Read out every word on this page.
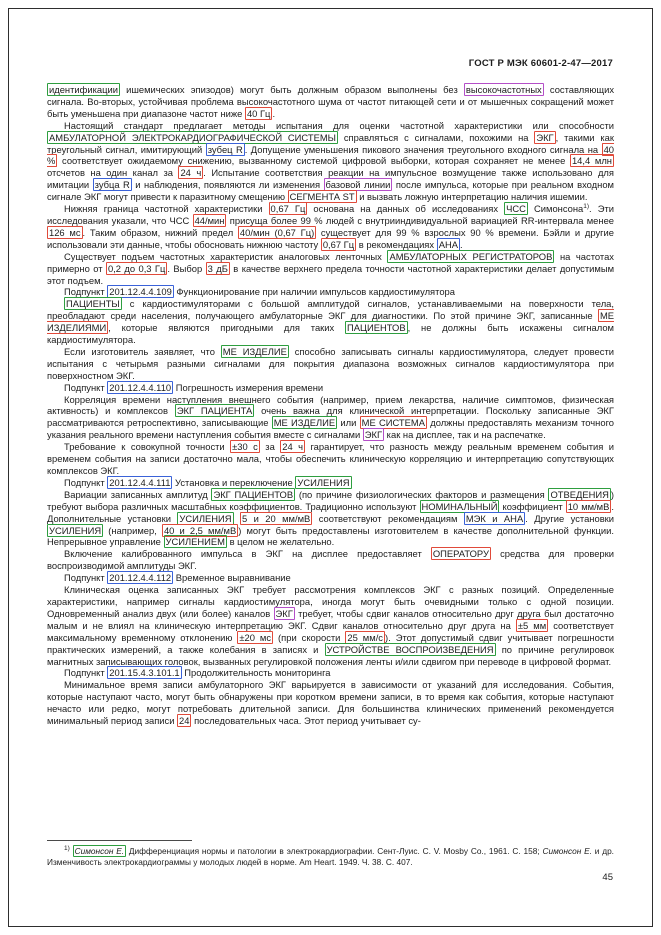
ГОСТ Р МЭК 60601-2-47—2017

идентификации ишемических эпизодов) могут быть должным образом выполнены без высокочастотных составляющих сигнала. Во-вторых, устойчивая проблема высокочастотного шума от частот питающей сети и от мышечных сокращений может быть уменьшена при диапазоне частот ниже 40 Гц .

Настоящий стандарт предлагает методы испытания для оценки частотной характеристики или способности АМБУЛАТОРНОЙ ЭЛЕКТРОКАРДИОГРАФИЧЕСКОЙ СИСТЕМЫ справляться с сигналами, похожими на ЭКГ , такими как треугольный сигнал, имитирующий зубец R . Допущение уменьшения пикового значения треугольного входного сигнала на 40 % соответствует ожидаемому снижению, вызванному системой цифровой выборки, которая сохраняет не менее 14,4 млн отсчетов на один канал за 24 ч . Испытание соответствия реакции на импульсное возмущение также использовано для имитации зубца R и наблюдения, появляются ли изменения базовой линии после импульса, которые при реальном входном сигнале ЭКГ могут привести к паразитному смещению СЕГМЕНТА ST и вызвать ложную интерпретацию наличия ишемии.

Нижняя граница частотной характеристики 0,67 Гц основана на данных об исследованиях ЧСС Симонсона$^{1)}$. Эти исследования указали, что ЧСС 44/мин присуща более 99 % людей с внутрииндивидуальной вариацией RR-интервала менее 126 мс . Таким образом, нижний предел 40/мин (0,67 Гц) существует для 99 % взрослых 90 % времени. Бэйли и другие использовали эти данные, чтобы обосновать нижнюю частоту 0,67 Гц в рекомендациях АНА .

Существует подъем частотных характеристик аналоговых ленточных АМБУЛАТОРНЫХ РЕГИСТРАТОРОВ на частотах примерно от 0,2 до 0,3 Гц . Выбор 3 дБ в качестве верхнего предела точности частотной характеристики делает допустимым этот подъем.

Подпункт 201.12.4.4.109 Функционирование при наличии импульсов кардиостимулятора

ПАЦИЕНТЫ с кардиостимуляторами с большой амплитудой сигналов, устанавливаемыми на поверхности тела, преобладают среди населения, получающего амбулаторные ЭКГ для диагностики. По этой причине ЭКГ, записанные МЕ ИЗДЕЛИЯМИ , которые являются пригодными для таких ПАЦИЕНТОВ , не должны быть искажены сигналом кардиостимулятора.

Если изготовитель заявляет, что МЕ ИЗДЕЛИЕ способно записывать сигналы кардиостимулятора, следует провести испытания с четырьмя разными сигналами для покрытия диапазона возможных сигналов кардиостимулятора при поверхностном ЭКГ.

Подпункт 201.12.4.4.110 Погрешность измерения времени

Корреляция времени наступления внешнего события (например, прием лекарства, наличие симптомов, физическая активность) и комплексов ЭКГ ПАЦИЕНТА очень важна для клинической интерпретации. Поскольку записанные ЭКГ рассматриваются ретроспективно, записывающие МЕ ИЗДЕЛИЕ или МЕ СИСТЕМА должны предоставлять механизм точного указания реального времени наступления события вместе с сигналами ЭКГ как на дисплее, так и на распечатке.

Требование к совокупной точности ±30 с за 24 ч гарантирует, что разность между реальным временем события и временем события на записи достаточно мала, чтобы обеспечить клиническую корреляцию и интерпретацию сопутствующих комплексов ЭКГ.

Подпункт 201.12.4.4.111 Установка и переключение УСИЛЕНИЯ

Вариации записанных амплитуд ЭКГ ПАЦИЕНТОВ (по причине физиологических факторов и размещения ОТВЕДЕНИЯ ) требуют выбора различных масштабных коэффициентов. Традиционно используют НОМИНАЛЬНЫЙ коэффициент 10 мм/мВ . Дополнительные установки УСИЛЕНИЯ 5 и 20 мм/мВ соответствуют рекомендациям МЭК и АНА . Другие установки УСИЛЕНИЯ (например, 40 и 2,5 мм/мВ ) могут быть предоставлены изготовителем в качестве дополнительной функции. Непрерывное управление УСИЛЕНИЕМ в целом не желательно.

Включение калиброванного импульса в ЭКГ на дисплее предоставляет ОПЕРАТОРУ средства для проверки воспроизводимой амплитуды ЭКГ.

Подпункт 201.12.4.4.112 Временное выравнивание

Клиническая оценка записанных ЭКГ требует рассмотрения комплексов ЭКГ с разных позиций. Определенные характеристики, например сигналы кардиостимулятора, иногда могут быть очевидными только с одной позиции. Одновременный анализ двух (или более) каналов ЭКГ требует, чтобы сдвиг каналов относительно друг друга был достаточно малым и не влиял на клиническую интерпретацию ЭКГ. Сдвиг каналов относительно друг друга на ±5 мм соответствует максимальному временному отклонению ±20 мс (при скорости 25 мм/с ). Этот допустимый сдвиг учитывает погрешности практических измерений, а также колебания в записях и УСТРОЙСТВЕ ВОСПРОИЗВЕДЕНИЯ по причине регулировок магнитных записывающих головок, вызванных регулировкой положения ленты и/или сдвигом при переводе в цифровой формат.

Подпункт 201.15.4.3.101.1 Продолжительность мониторинга

Минимальное время записи амбулаторного ЭКГ варьируется в зависимости от указаний для исследования. События, которые наступают часто, могут быть обнаружены при коротком времени записи, в то время как события, которые наступают нечасто или редко, могут потребовать длительной записи. Для большинства клинических применений рекомендуется минимальный период записи 24 последовательных часа. Этот период учитывает су-

$^{1)}$ Симонсон Е. Дифференциация нормы и патологии в электрокардиографии. Сент-Луис. C. V. Mosby Co., 1961. С. 158; Симонсон Е. и др. Изменчивость электрокардиограммы у молодых людей в норме. Am Heart. 1949. Ч. 38. С. 407.
45
